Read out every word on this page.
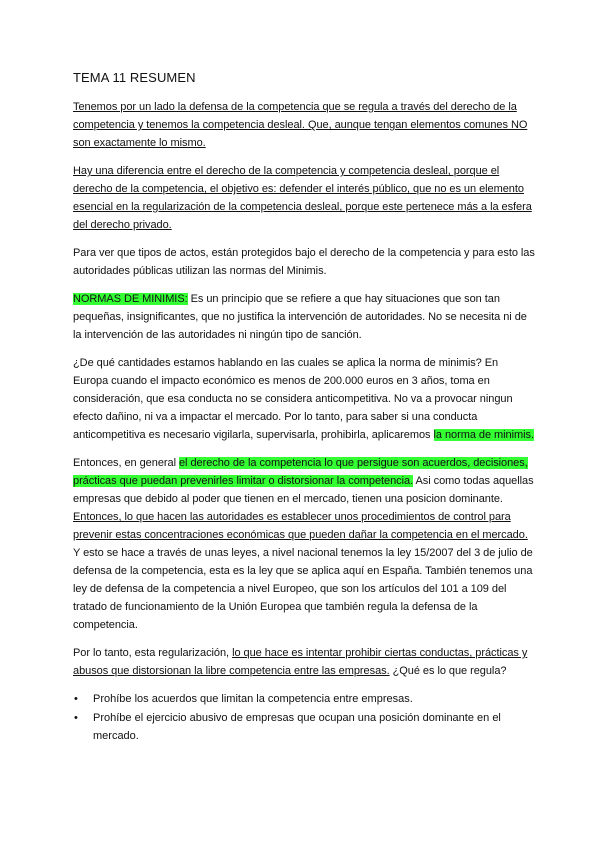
TEMA 11 RESUMEN

Tenemos por un lado la defensa de la competencia que se regula a través del derecho de la competencia y tenemos la competencia desleal. Que, aunque tengan elementos comunes NO son exactamente lo mismo.

Hay una diferencia entre el derecho de la competencia y competencia desleal, porque el derecho de la competencia, el objetivo es: defender el interés público, que no es un elemento esencial en la regularización de la competencia desleal, porque este pertenece más a la esfera del derecho privado.

Para ver que tipos de actos, están protegidos bajo el derecho de la competencia y para esto las autoridades públicas utilizan las normas del Minimis.

NORMAS DE MINIMIS: Es un principio que se refiere a que hay situaciones que son tan pequeñas, insignificantes, que no justifica la intervención de autoridades. No se necesita ni de la intervención de las autoridades ni ningún tipo de sanción.

¿De qué cantidades estamos hablando en las cuales se aplica la norma de minimis? En Europa cuando el impacto económico es menos de 200.000 euros en 3 años, toma en consideración, que esa conducta no se considera anticompetitiva. No va a provocar ningun efecto dañino, ni va a impactar el mercado. Por lo tanto, para saber si una conducta anticompetitiva es necesario vigilarla, supervisarla, prohibirla, aplicaremos la norma de minimis.

Entonces, en general el derecho de la competencia lo que persigue son acuerdos, decisiones, prácticas que puedan prevenirles limitar o distorsionar la competencia. Asi como todas aquellas empresas que debido al poder que tienen en el mercado, tienen una posicion dominante. Entonces, lo que hacen las autoridades es establecer unos procedimientos de control para prevenir estas concentraciones económicas que pueden dañar la competencia en el mercado. Y esto se hace a través de unas leyes, a nivel nacional tenemos la ley 15/2007 del 3 de julio de defensa de la competencia, esta es la ley que se aplica aquí en España. También tenemos una ley de defensa de la competencia a nivel Europeo, que son los artículos del 101 a 109 del tratado de funcionamiento de la Unión Europea que también regula la defensa de la competencia.

Por lo tanto, esta regularización, lo que hace es intentar prohibir ciertas conductas, prácticas y abusos que distorsionan la libre competencia entre las empresas. ¿Qué es lo que regula?

• Prohíbe los acuerdos que limitan la competencia entre empresas.
• Prohíbe el ejercicio abusivo de empresas que ocupan una posición dominante en el mercado.
